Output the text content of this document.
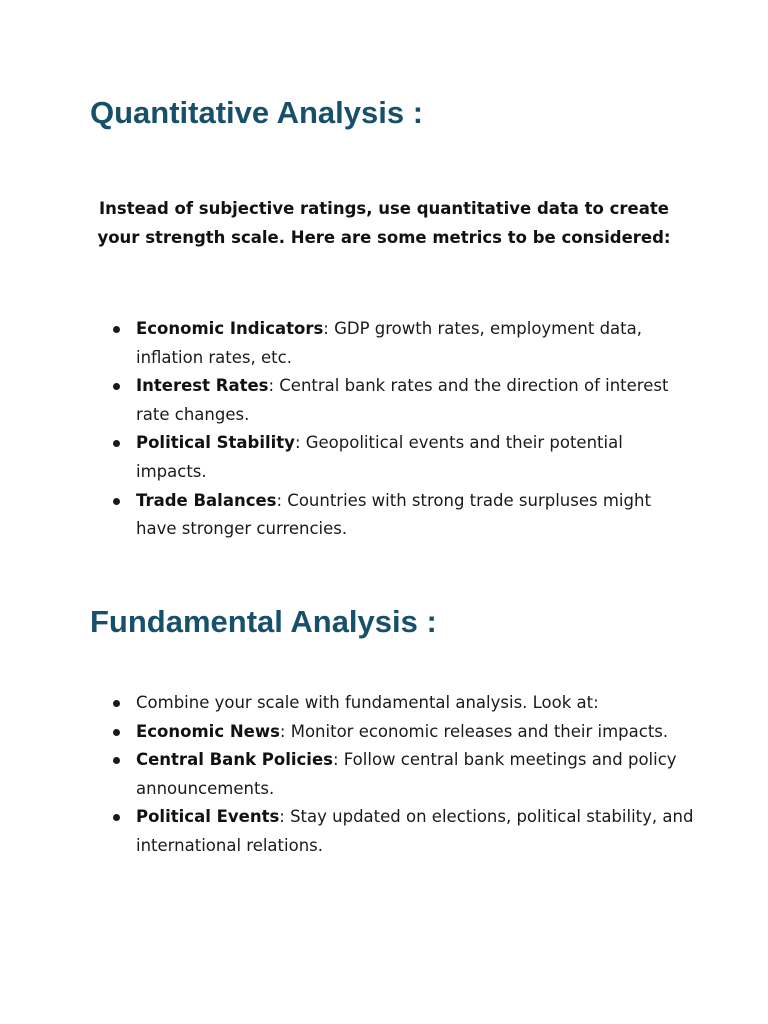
Quantitative Analysis :

Instead of subjective ratings, use quantitative data to create your strength scale. Here are some metrics to be considered:

Economic Indicators: GDP growth rates, employment data, inflation rates, etc.
Interest Rates: Central bank rates and the direction of interest rate changes.
Political Stability: Geopolitical events and their potential impacts.
Trade Balances: Countries with strong trade surpluses might have stronger currencies.
Fundamental Analysis :
Combine your scale with fundamental analysis. Look at:
Economic News: Monitor economic releases and their impacts.
Central Bank Policies: Follow central bank meetings and policy announcements.
Political Events: Stay updated on elections, political stability, and international relations.
